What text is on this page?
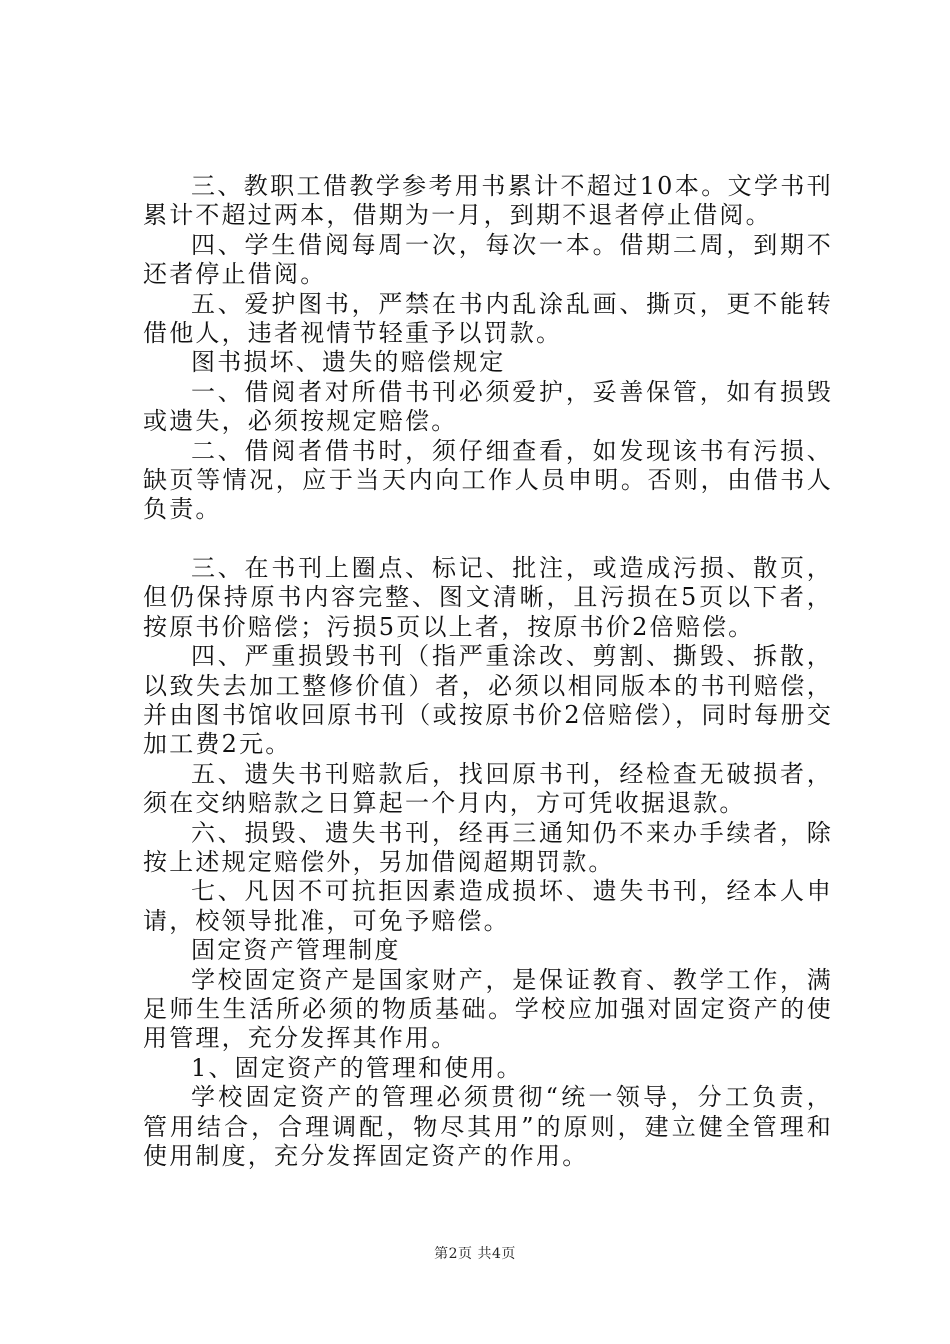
三、教职工借教学参考用书累计不超过10本。文学书刊累计不超过两本，借期为一月，到期不退者停止借阅。

四、学生借阅每周一次，每次一本。借期二周，到期不还者停止借阅。

五、爱护图书，严禁在书内乱涂乱画、撕页，更不能转借他人，违者视情节轻重予以罚款。

图书损坏、遗失的赔偿规定

一、借阅者对所借书刊必须爱护，妥善保管，如有损毁或遗失，必须按规定赔偿。

二、借阅者借书时，须仔细查看，如发现该书有污损、缺页等情况，应于当天内向工作人员申明。否则，由借书人负责。

三、在书刊上圈点、标记、批注，或造成污损、散页，但仍保持原书内容完整、图文清晰，且污损在5页以下者，按原书价赔偿；污损5页以上者，按原书价2倍赔偿。

四、严重损毁书刊（指严重涂改、剪割、撕毁、拆散，以致失去加工整修价值）者，必须以相同版本的书刊赔偿，并由图书馆收回原书刊（或按原书价2倍赔偿），同时每册交加工费2元。

五、遗失书刊赔款后，找回原书刊，经检查无破损者，须在交纳赔款之日算起一个月内，方可凭收据退款。

六、损毁、遗失书刊，经再三通知仍不来办手续者，除按上述规定赔偿外，另加借阅超期罚款。

七、凡因不可抗拒因素造成损坏、遗失书刊，经本人申请，校领导批准，可免予赔偿。

固定资产管理制度

学校固定资产是国家财产，是保证教育、教学工作，满足师生生活所必须的物质基础。学校应加强对固定资产的使用管理，充分发挥其作用。

1、固定资产的管理和使用。

学校固定资产的管理必须贯彻“统一领导，分工负责，管用结合，合理调配，物尽其用”的原则，建立健全管理和使用制度，充分发挥固定资产的作用。

第2页 共4页
